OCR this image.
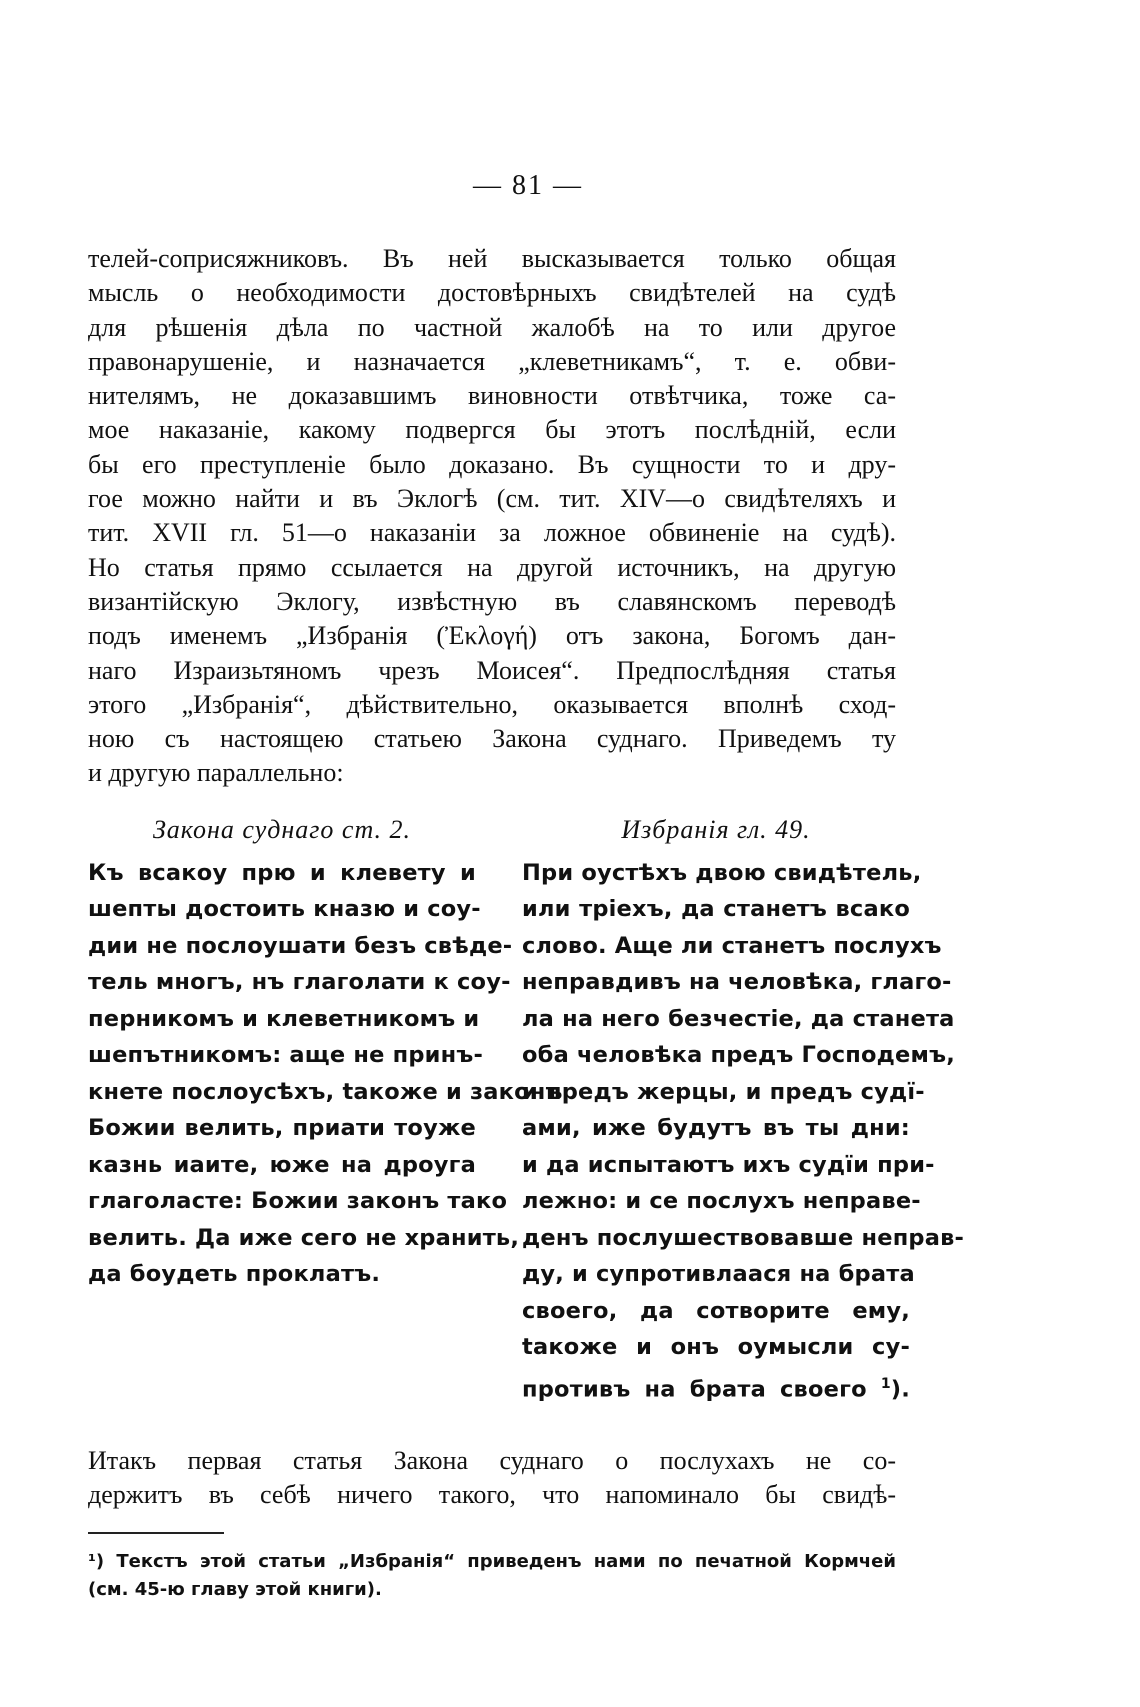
— 81 —
телей-соприсяжниковъ. Въ ней высказывается только общая
мысль о необходимости достовѣрныхъ свидѣтелей на судѣ
для рѣшенія дѣла по частной жалобѣ на то или другое
правонарушеніе, и назначается „клеветникамъ“, т. е. обви-
нителямъ, не доказавшимъ виновности отвѣтчика, тоже са-
мое наказаніе, какому подвергся бы этотъ послѣдній, если
бы его преступленіе было доказано. Въ сущности то и дру-
гое можно найти и въ Эклогѣ (см. тит. XIV—о свидѣтеляхъ и
тит. XVII гл. 51—о наказаніи за ложное обвиненіе на судѣ).
Но статья прямо ссылается на другой источникъ, на другую
византійскую Эклогу, извѣстную въ славянскомъ переводѣ
подъ именемъ „Избранія (Ἐκλογή) отъ закона, Богомъ дан-
наго Израизьтяномъ чрезъ Моисея“. Предпослѣдняя статья
этого „Избранія“, дѣйствительно, оказывается вполнѣ сход-
ною съ настоящею статьею Закона суднаго. Приведемъ ту
и другую параллельно:
Закона суднаго ст. 2.
Къ всакоу прю и клевету и
шепты достоить кназю и соу-
дии не послоушати безъ свѣде-
тель многъ, нъ глаголати к соу-
перникомъ и клеветникомъ и
шепътникомъ: аще не принъ-
кнете послоусѣхъ, tакоже и законъ
Божии велить, приати тоуже
казнь иаите, юже на дроуга
глаголасте: Божии законъ тако
велить. Да иже сего не хранить,
да боудеть проклатъ.
Избранія гл. 49.
При оустѣхъ двою свидѣтель,
или тріехъ, да станетъ всако
слово. Аще ли станетъ послухъ
неправдивъ на человѣка, глаго-
ла на него безчестіе, да станета
оба человѣка предъ Господемъ,
и предъ жерцы, и предъ судї-
ами, иже будутъ въ ты дни:
и да испытаютъ ихъ судїи при-
лежно: и се послухъ неправе-
денъ послушествовавше неправ-
ду, и супротивлаася на брата
своего, да сотворите ему,
tакоже и онъ оумысли су-
противъ на брата своего $^1$).
Итакъ первая статья Закона суднаго о послухахъ не со-
держитъ въ себѣ ничего такого, что напоминало бы свидѣ-
¹) Текстъ этой статьи „Избранія“ приведенъ нами по печатной Кормчей
(см. 45-ю главу этой книги).
